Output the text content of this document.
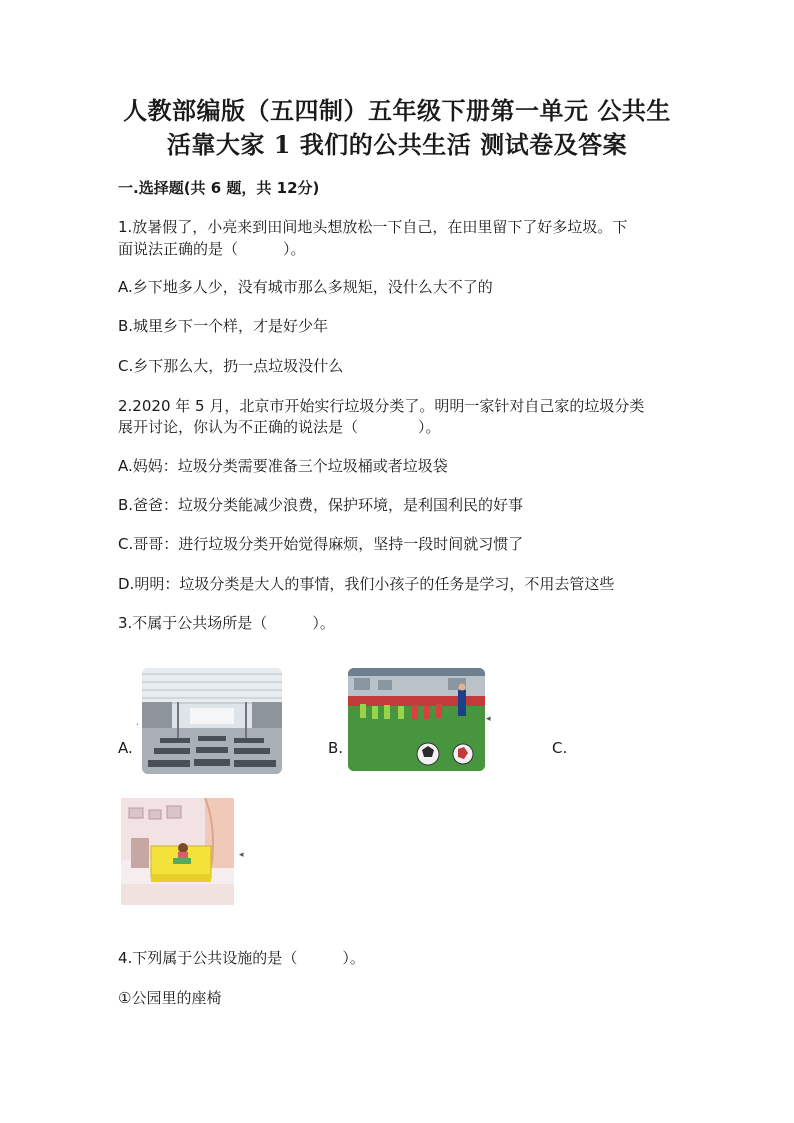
人教部编版（五四制）五年级下册第一单元 公共生
活靠大家 1 我们的公共生活 测试卷及答案
一.选择题(共 6 题，共 12分)
1.放暑假了，小亮来到田间地头想放松一下自己，在田里留下了好多垃圾。下
面说法正确的是（　　　）。
A.乡下地多人少，没有城市那么多规矩，没什么大不了的
B.城里乡下一个样，才是好少年
C.乡下那么大，扔一点垃圾没什么
2.2020 年 5 月，北京市开始实行垃圾分类了。明明一家针对自己家的垃圾分类
展开讨论，你认为不正确的说法是（　　　　）。
A.妈妈：垃圾分类需要准备三个垃圾桶或者垃圾袋
B.爸爸：垃圾分类能减少浪费，保护环境，是利国利民的好事
C.哥哥：进行垃圾分类开始觉得麻烦，坚持一段时间就习惯了
D.明明：垃圾分类是大人的事情，我们小孩子的任务是学习，不用去管这些
3.不属于公共场所是（　　　）。
A.
.
B.
◂
C.
◂
4.下列属于公共设施的是（　　　）。
①公园里的座椅
